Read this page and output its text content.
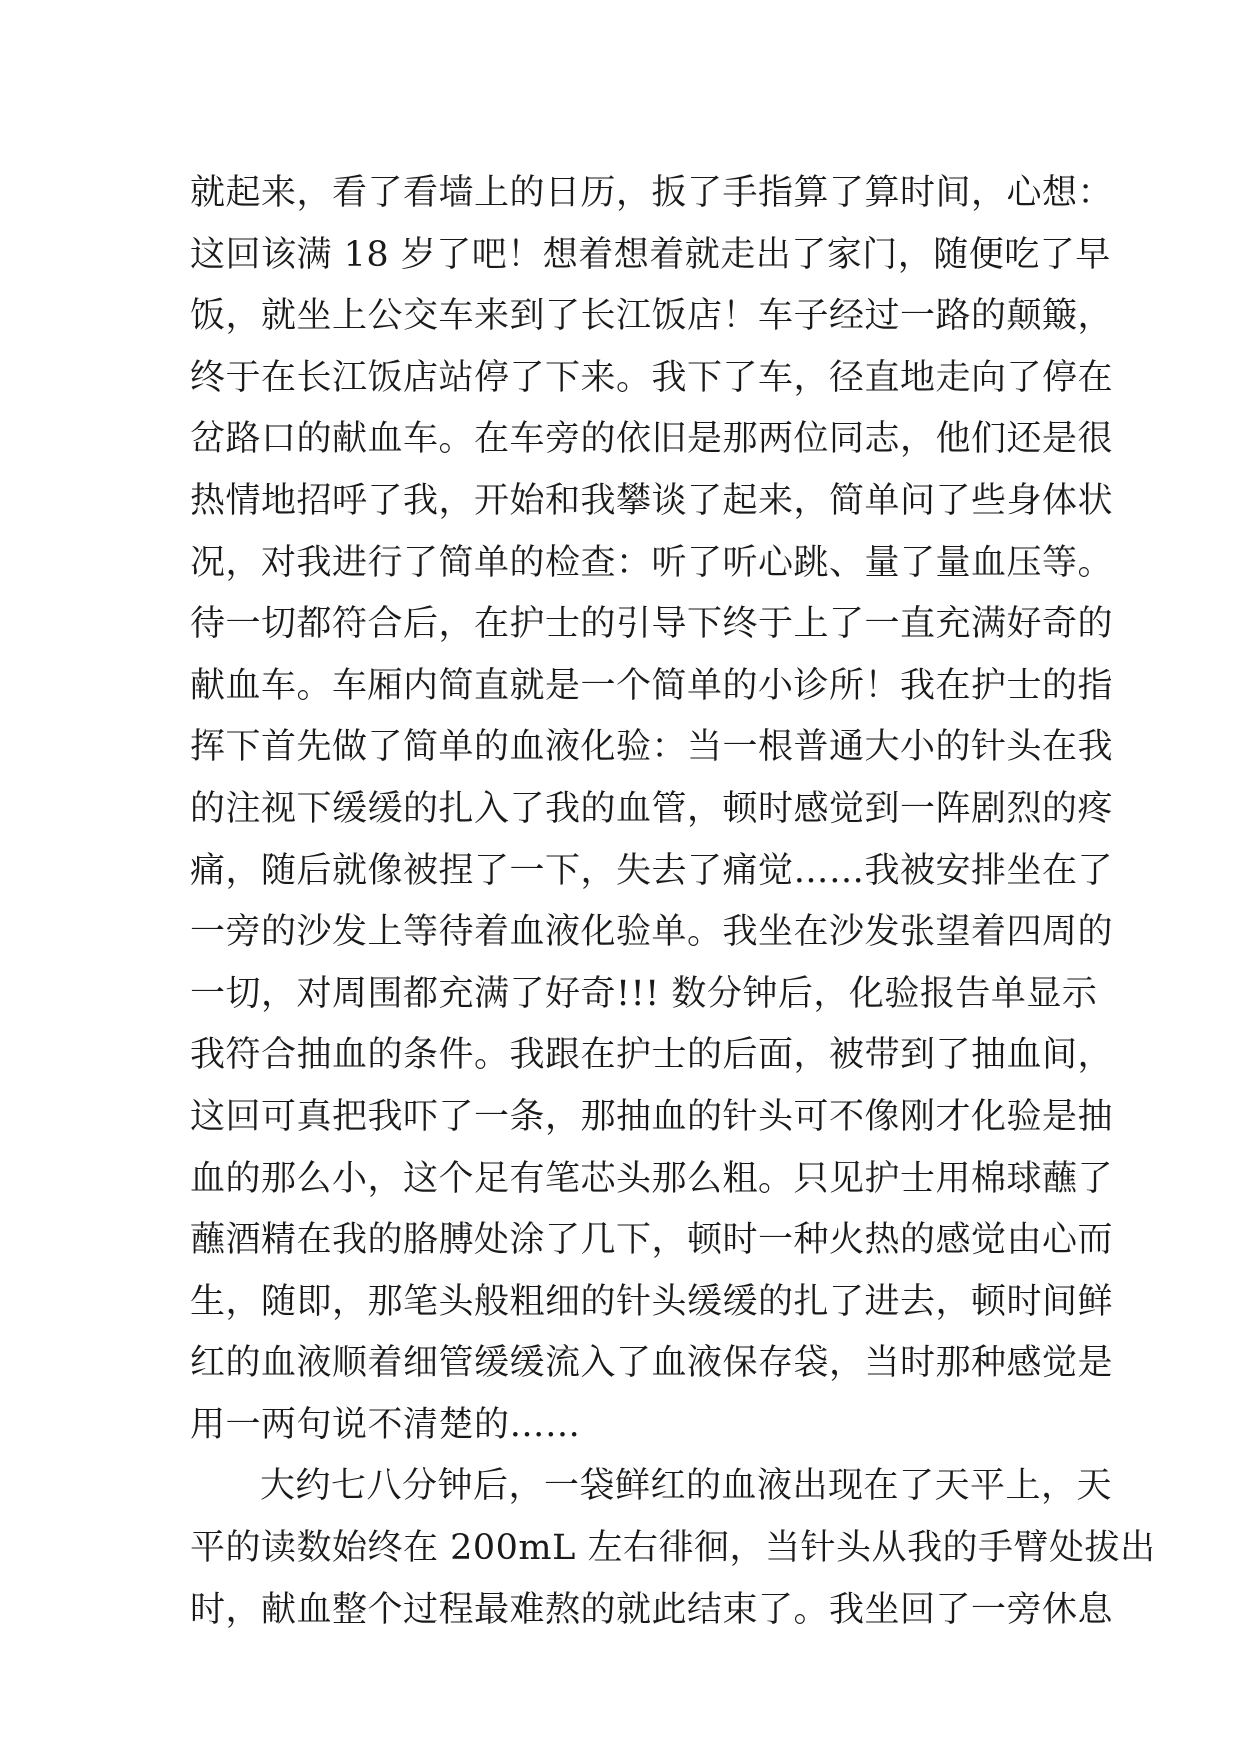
就起来，看了看墙上的日历，扳了手指算了算时间，心想：
这回该满 18 岁了吧！想着想着就走出了家门，随便吃了早
饭，就坐上公交车来到了长江饭店！车子经过一路的颠簸，
终于在长江饭店站停了下来。我下了车，径直地走向了停在
岔路口的献血车。在车旁的依旧是那两位同志，他们还是很
热情地招呼了我，开始和我攀谈了起来，简单问了些身体状
况，对我进行了简单的检查：听了听心跳、量了量血压等。
待一切都符合后，在护士的引导下终于上了一直充满好奇的
献血车。车厢内简直就是一个简单的小诊所！我在护士的指
挥下首先做了简单的血液化验：当一根普通大小的针头在我
的注视下缓缓的扎入了我的血管，顿时感觉到一阵剧烈的疼
痛，随后就像被捏了一下，失去了痛觉……我被安排坐在了
一旁的沙发上等待着血液化验单。我坐在沙发张望着四周的
一切，对周围都充满了好奇!!! 数分钟后，化验报告单显示
我符合抽血的条件。我跟在护士的后面，被带到了抽血间，
这回可真把我吓了一条，那抽血的针头可不像刚才化验是抽
血的那么小，这个足有笔芯头那么粗。只见护士用棉球蘸了
蘸酒精在我的胳膊处涂了几下，顿时一种火热的感觉由心而
生，随即，那笔头般粗细的针头缓缓的扎了进去，顿时间鲜
红的血液顺着细管缓缓流入了血液保存袋，当时那种感觉是
用一两句说不清楚的……
大约七八分钟后，一袋鲜红的血液出现在了天平上，天
平的读数始终在 200mL 左右徘徊，当针头从我的手臂处拔出
时，献血整个过程最难熬的就此结束了。我坐回了一旁休息
